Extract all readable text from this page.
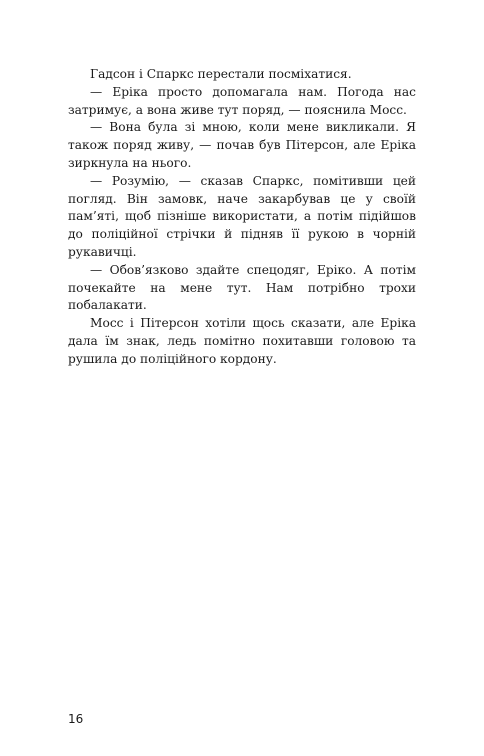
Гадсон і Спаркс перестали посміхатися.

— Еріка просто допомагала нам. Погода нас затримує, а вона живе тут поряд, — пояснила Мосс.

— Вона була зі мною, коли мене викликали. Я також поряд живу, — почав був Пітерсон, але Еріка зиркнула на нього.

— Розумію, — сказав Спаркс, помітивши цей погляд. Він замовк, наче закарбував це у своїй пам’яті, щоб пізніше використати, а потім підійшов до поліційної стрічки й підняв її рукою в чорній рукавичці.

— Обов’язково здайте спецодяг, Еріко. А потім почекайте на мене тут. Нам потрібно трохи побалакати.

Мосс і Пітерсон хотіли щось сказати, але Еріка дала їм знак, ледь помітно похитавши головою та рушила до поліційного кордону.

16
